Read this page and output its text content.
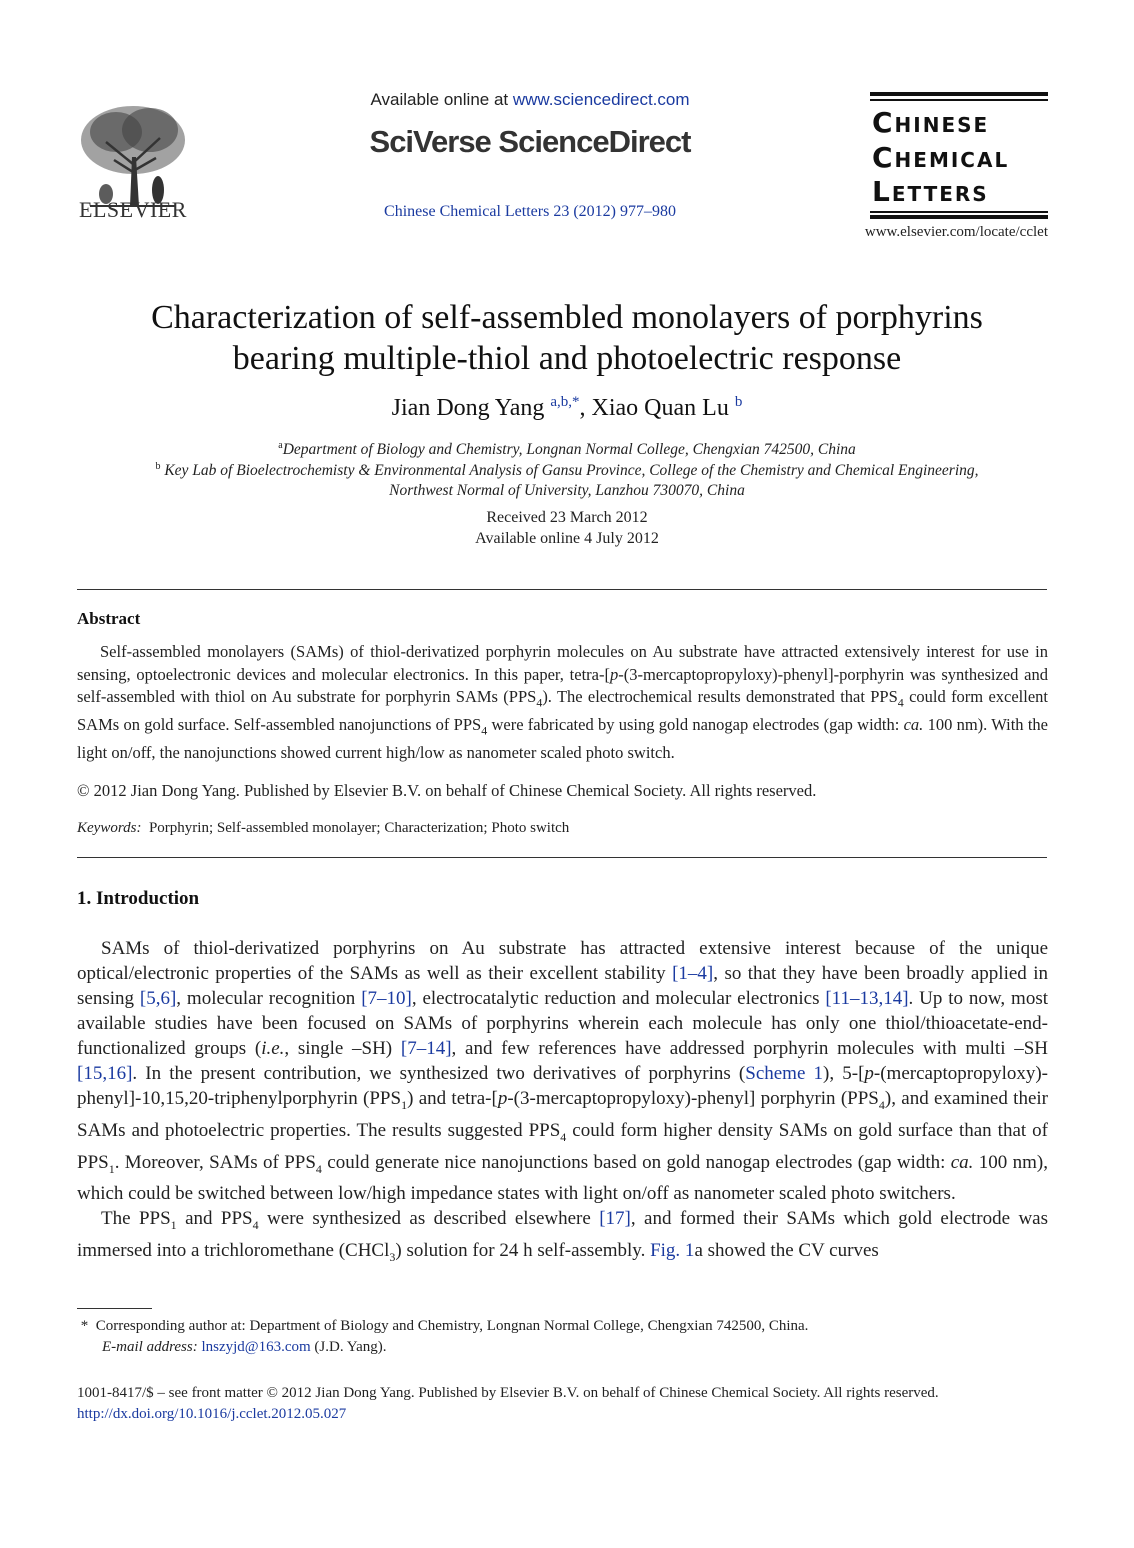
ELSEVIER
Available online at www.sciencedirect.com
SciVerse ScienceDirect
Chinese Chemical Letters 23 (2012) 977–980
Chinese
Chemical
Letters
www.elsevier.com/locate/cclet
Characterization of self-assembled monolayers of porphyrins
bearing multiple-thiol and photoelectric response
Jian Dong Yang $^{a,b,*}$, Xiao Quan Lu $^b$
$^a$Department of Biology and Chemistry, Longnan Normal College, Chengxian 742500, China
$^b$ Key Lab of Bioelectrochemisty & Environmental Analysis of Gansu Province, College of the Chemistry and Chemical Engineering,
Northwest Normal of University, Lanzhou 730070, China
Received 23 March 2012
Available online 4 July 2012
Abstract

Self-assembled monolayers (SAMs) of thiol-derivatized porphyrin molecules on Au substrate have attracted extensively interest for use in sensing, optoelectronic devices and molecular electronics. In this paper, tetra-[p-(3-mercaptopropyloxy)-phenyl]-porphyrin was synthesized and self-assembled with thiol on Au substrate for porphyrin SAMs $(PPS_4)$. The electrochemical results demonstrated that $PPS_4$ could form excellent SAMs on gold surface. Self-assembled nanojunctions of $PPS_4$ were fabricated by using gold nanogap electrodes (gap width: ca. 100 nm). With the light on/off, the nanojunctions showed current high/low as nanometer scaled photo switch.

© 2012 Jian Dong Yang. Published by Elsevier B.V. on behalf of Chinese Chemical Society. All rights reserved.
Keywords: Porphyrin; Self-assembled monolayer; Characterization; Photo switch
1. Introduction

SAMs of thiol-derivatized porphyrins on Au substrate has attracted extensive interest because of the unique optical/electronic properties of the SAMs as well as their excellent stability [1–4], so that they have been broadly applied in sensing [5,6], molecular recognition [7–10], electrocatalytic reduction and molecular electronics [11–13,14]. Up to now, most available studies have been focused on SAMs of porphyrins wherein each molecule has only one thiol/thioacetate-end-functionalized groups (i.e., single –SH) [7–14], and few references have addressed porphyrin molecules with multi –SH [15,16]. In the present contribution, we synthesized two derivatives of porphyrins (Scheme 1), 5-[p-(mercaptopropyloxy)-phenyl]-10,15,20-triphenylporphyrin $(PPS_1)$ and tetra-[p-(3-mercaptopropyloxy)-phenyl] porphyrin $(PPS_4)$, and examined their SAMs and photoelectric properties. The results suggested $PPS_4$ could form higher density SAMs on gold surface than that of $PPS_1$. Moreover, SAMs of $PPS_4$ could generate nice nanojunctions based on gold nanogap electrodes (gap width: ca. 100 nm), which could be switched between low/high impedance states with light on/off as nanometer scaled photo switchers.

The $PPS_1$ and $PPS_4$ were synthesized as described elsewhere [17], and formed their SAMs which gold electrode was immersed into a trichloromethane (CHCl$_3$) solution for 24 h self-assembly. Fig. 1a showed the CV curves

* Corresponding author at: Department of Biology and Chemistry, Longnan Normal College, Chengxian 742500, China.
E-mail address: lnszyjd@163.com (J.D. Yang).
1001-8417/$ – see front matter © 2012 Jian Dong Yang. Published by Elsevier B.V. on behalf of Chinese Chemical Society. All rights reserved.
http://dx.doi.org/10.1016/j.cclet.2012.05.027
